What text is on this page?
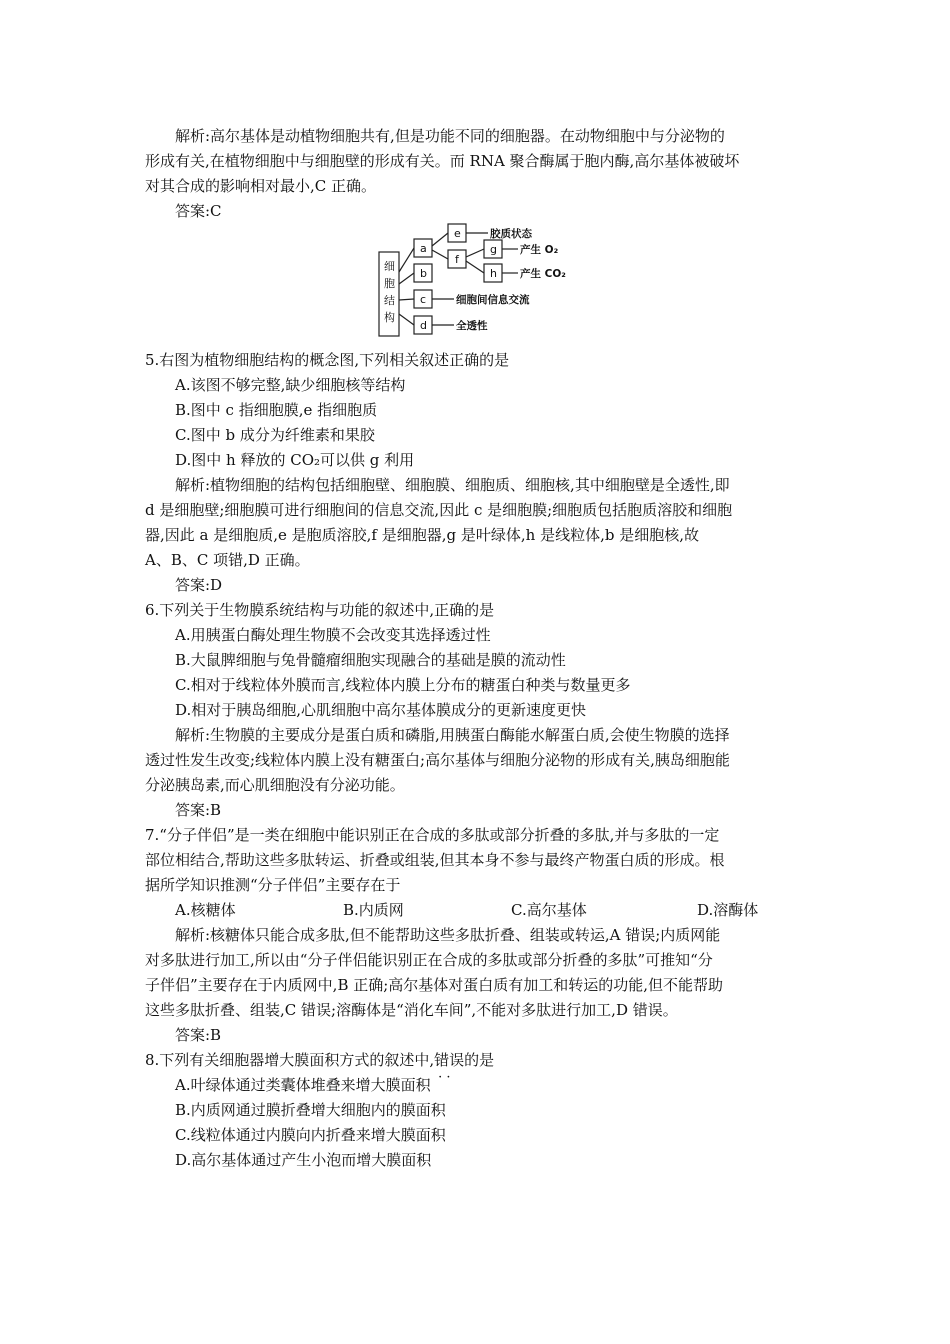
解析:高尔基体是动植物细胞共有,但是功能不同的细胞器。在动物细胞中与分泌物的
形成有关,在植物细胞中与细胞壁的形成有关。而 RNA 聚合酶属于胞内酶,高尔基体被破坏
对其合成的影响相对最小,C 正确。
答案:C
细
胞
结
构
a
b
c
d
e
f
g
h
胶质状态
产生 O₂
产生 CO₂
细胞间信息交流
全透性
5.右图为植物细胞结构的概念图,下列相关叙述正确的是
A.该图不够完整,缺少细胞核等结构
B.图中 c 指细胞膜,e 指细胞质
C.图中 b 成分为纤维素和果胶
D.图中 h 释放的 CO₂可以供 g 利用
解析:植物细胞的结构包括细胞壁、细胞膜、细胞质、细胞核,其中细胞壁是全透性,即
d 是细胞壁;细胞膜可进行细胞间的信息交流,因此 c 是细胞膜;细胞质包括胞质溶胶和细胞
器,因此 a 是细胞质,e 是胞质溶胶,f 是细胞器,g 是叶绿体,h 是线粒体,b 是细胞核,故
A、B、C 项错,D 正确。
答案:D
6.下列关于生物膜系统结构与功能的叙述中,正确的是
A.用胰蛋白酶处理生物膜不会改变其选择透过性
B.大鼠脾细胞与兔骨髓瘤细胞实现融合的基础是膜的流动性
C.相对于线粒体外膜而言,线粒体内膜上分布的糖蛋白种类与数量更多
D.相对于胰岛细胞,心肌细胞中高尔基体膜成分的更新速度更快
解析:生物膜的主要成分是蛋白质和磷脂,用胰蛋白酶能水解蛋白质,会使生物膜的选择
透过性发生改变;线粒体内膜上没有糖蛋白;高尔基体与细胞分泌物的形成有关,胰岛细胞能
分泌胰岛素,而心肌细胞没有分泌功能。
答案:B
7.“分子伴侣”是一类在细胞中能识别正在合成的多肽或部分折叠的多肽,并与多肽的一定
部位相结合,帮助这些多肽转运、折叠或组装,但其本身不参与最终产物蛋白质的形成。根
据所学知识推测“分子伴侣”主要存在于
A.核糖体	B.内质网	C.高尔基体	D.溶酶体
解析:核糖体只能合成多肽,但不能帮助这些多肽折叠、组装或转运,A 错误;内质网能
对多肽进行加工,所以由“分子伴侣能识别正在合成的多肽或部分折叠的多肽”可推知“分
子伴侣”主要存在于内质网中,B 正确;高尔基体对蛋白质有加工和转运的功能,但不能帮助
这些多肽折叠、组装,C 错误;溶酶体是“消化车间”,不能对多肽进行加工,D 错误。
答案:B
8.下列有关细胞器增大膜面积方式的叙述中,错误 · ·的是
A.叶绿体通过类囊体堆叠来增大膜面积
B.内质网通过膜折叠增大细胞内的膜面积
C.线粒体通过内膜向内折叠来增大膜面积
D.高尔基体通过产生小泡而增大膜面积
